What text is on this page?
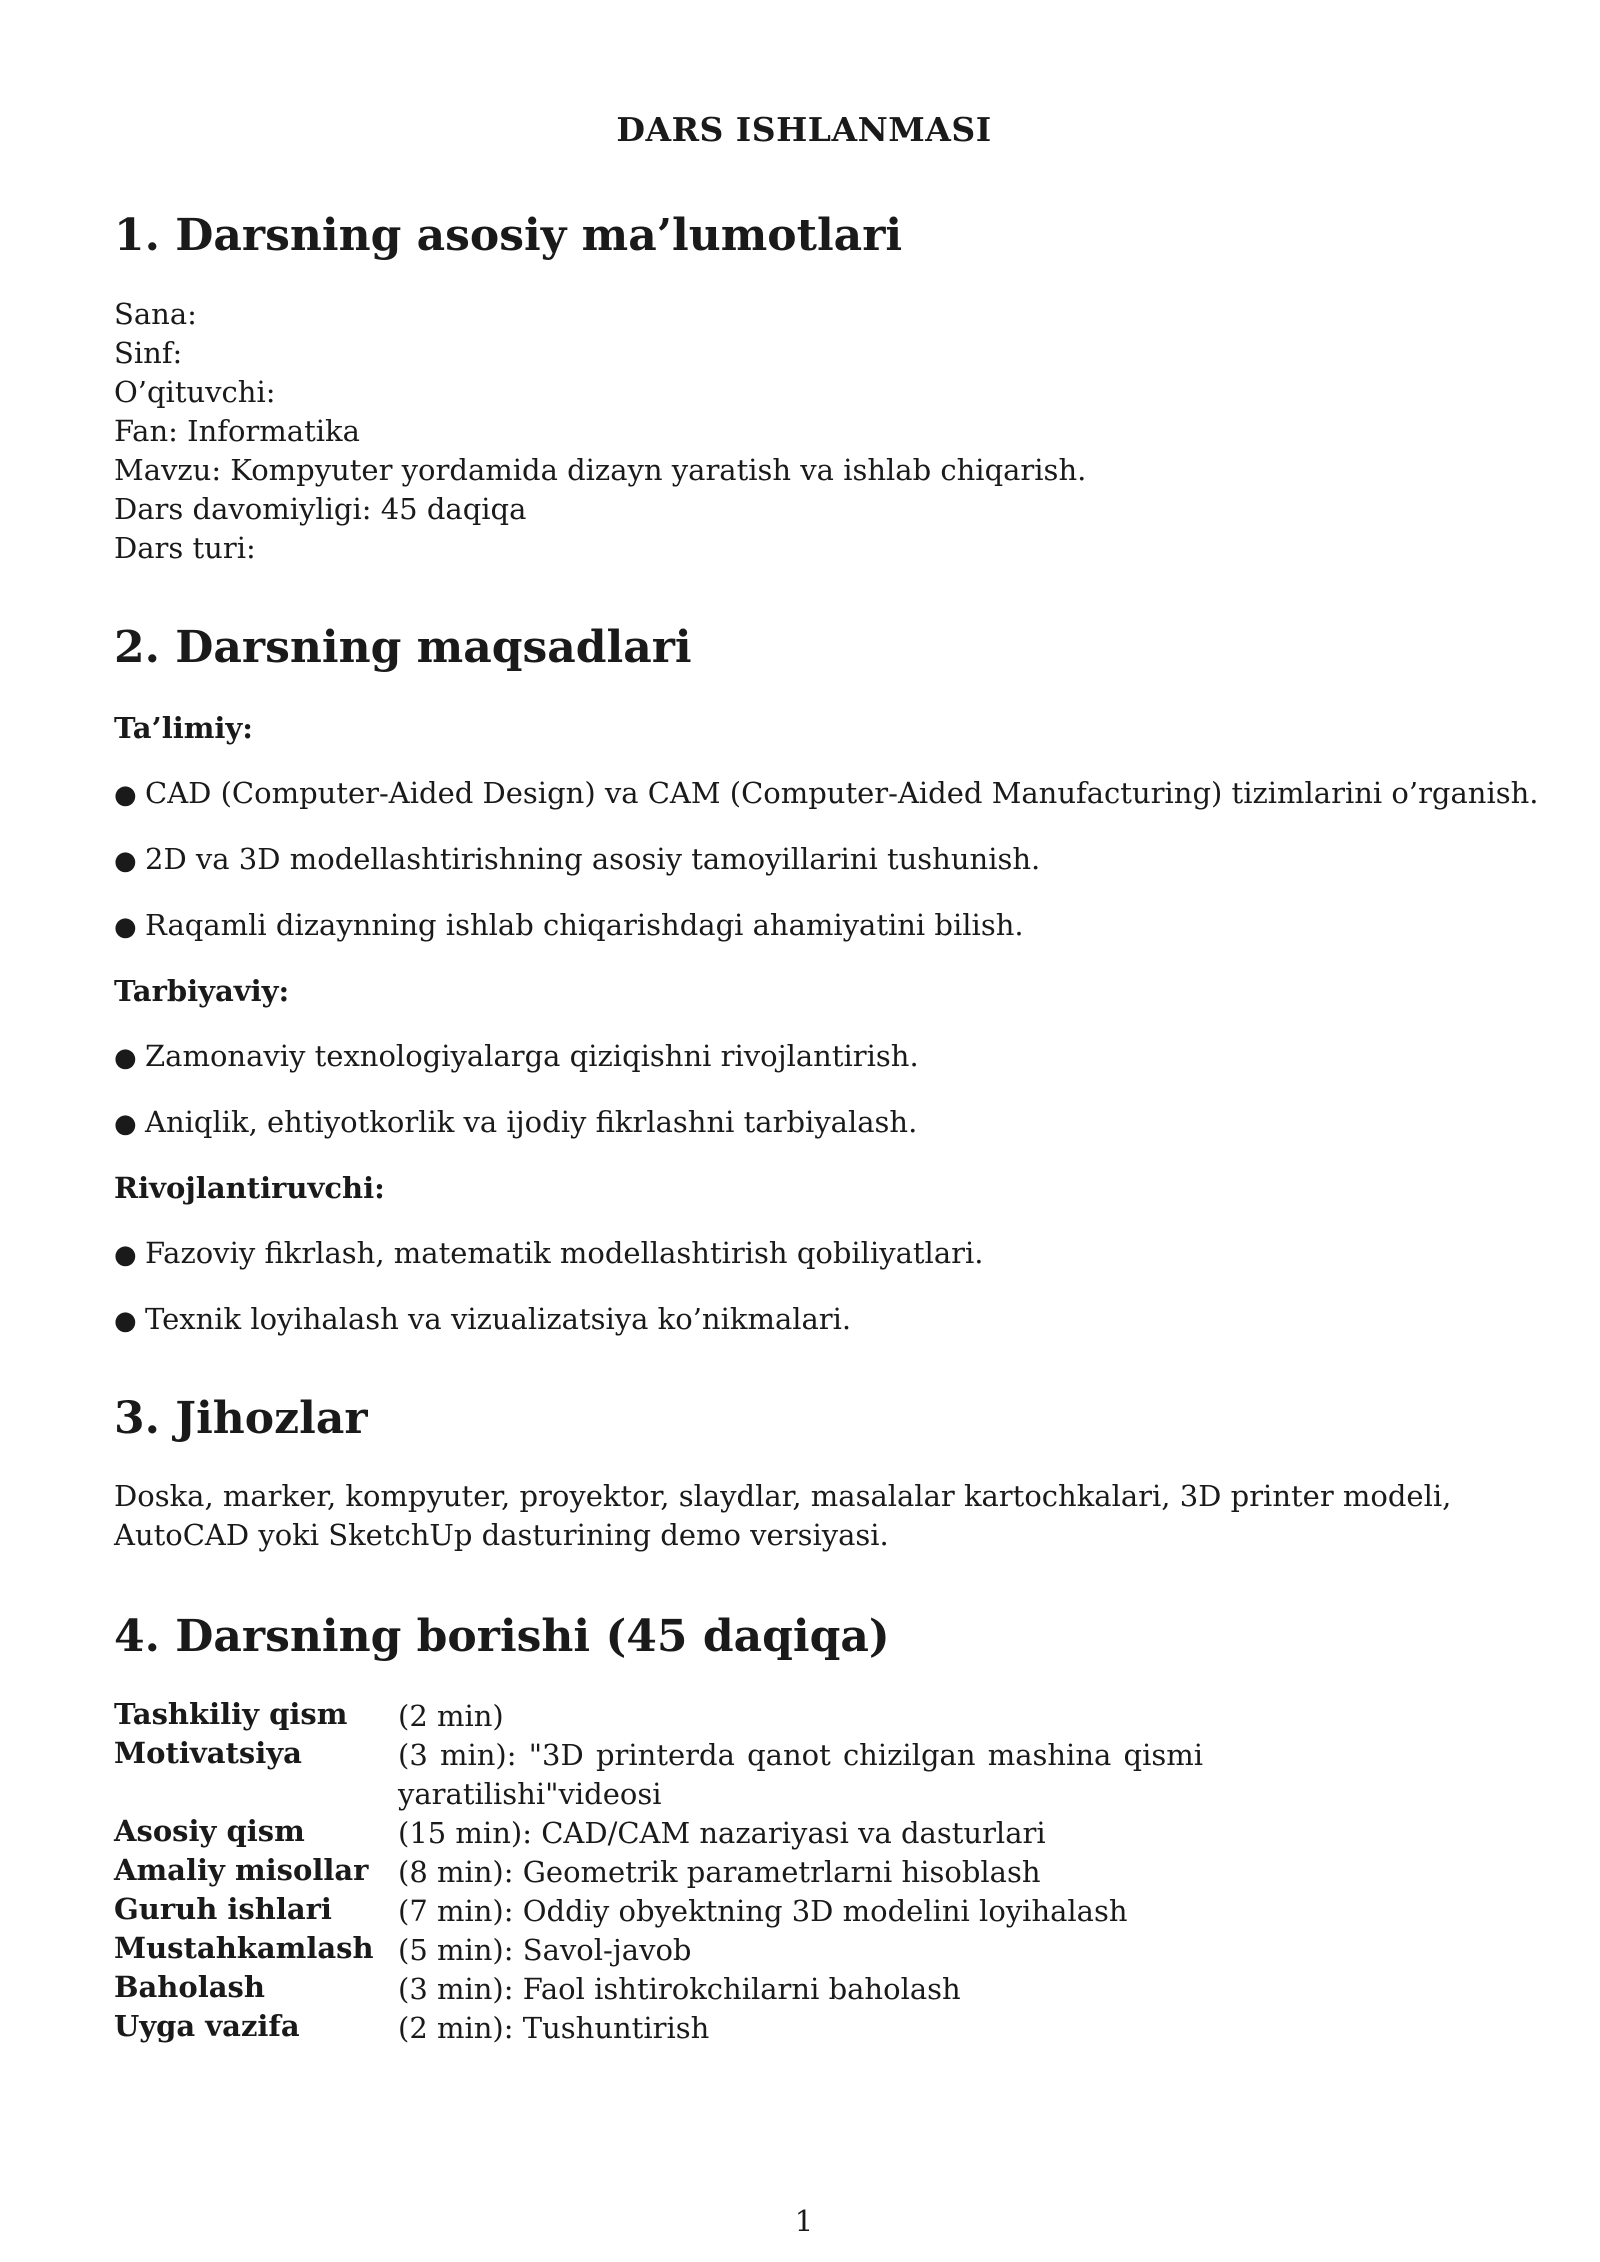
DARS ISHLANMASI
1. Darsning asosiy ma’lumotlari
Sana:
Sinf:
O’qituvchi:
Fan: Informatika
Mavzu: Kompyuter yordamida dizayn yaratish va ishlab chiqarish.
Dars davomiyligi: 45 daqiqa
Dars turi:
2. Darsning maqsadlari
Ta’limiy:
● CAD (Computer-Aided Design) va CAM (Computer-Aided Manufacturing) tizimlarini o’rganish.
● 2D va 3D modellashtirishning asosiy tamoyillarini tushunish.
● Raqamli dizaynning ishlab chiqarishdagi ahamiyatini bilish.
Tarbiyaviy:
● Zamonaviy texnologiyalarga qiziqishni rivojlantirish.
● Aniqlik, ehtiyotkorlik va ijodiy fikrlashni tarbiyalash.
Rivojlantiruvchi:
● Fazoviy fikrlash, matematik modellashtirish qobiliyatlari.
● Texnik loyihalash va vizualizatsiya ko’nikmalari.
3. Jihozlar
Doska, marker, kompyuter, proyektor, slaydlar, masalalar kartochkalari, 3D printer modeli, AutoCAD yoki SketchUp dasturining demo versiyasi.
4. Darsning borishi (45 daqiqa)
Tashkiliy qism (2 min)
Motivatsiya	(3 min): "3D printerda qanot chizilgan mashina qismi yaratilishi"videosi
Asosiy qism	(15 min): CAD/CAM nazariyasi va dasturlari
Amaliy misollar (8 min): Geometrik parametrlarni hisoblash
Guruh ishlari (7 min): Oddiy obyektning 3D modelini loyihalash
Mustahkamlash (5 min): Savol-javob
Baholash	(3 min): Faol ishtirokchilarni baholash
Uyga vazifa	(2 min): Tushuntirish
1
